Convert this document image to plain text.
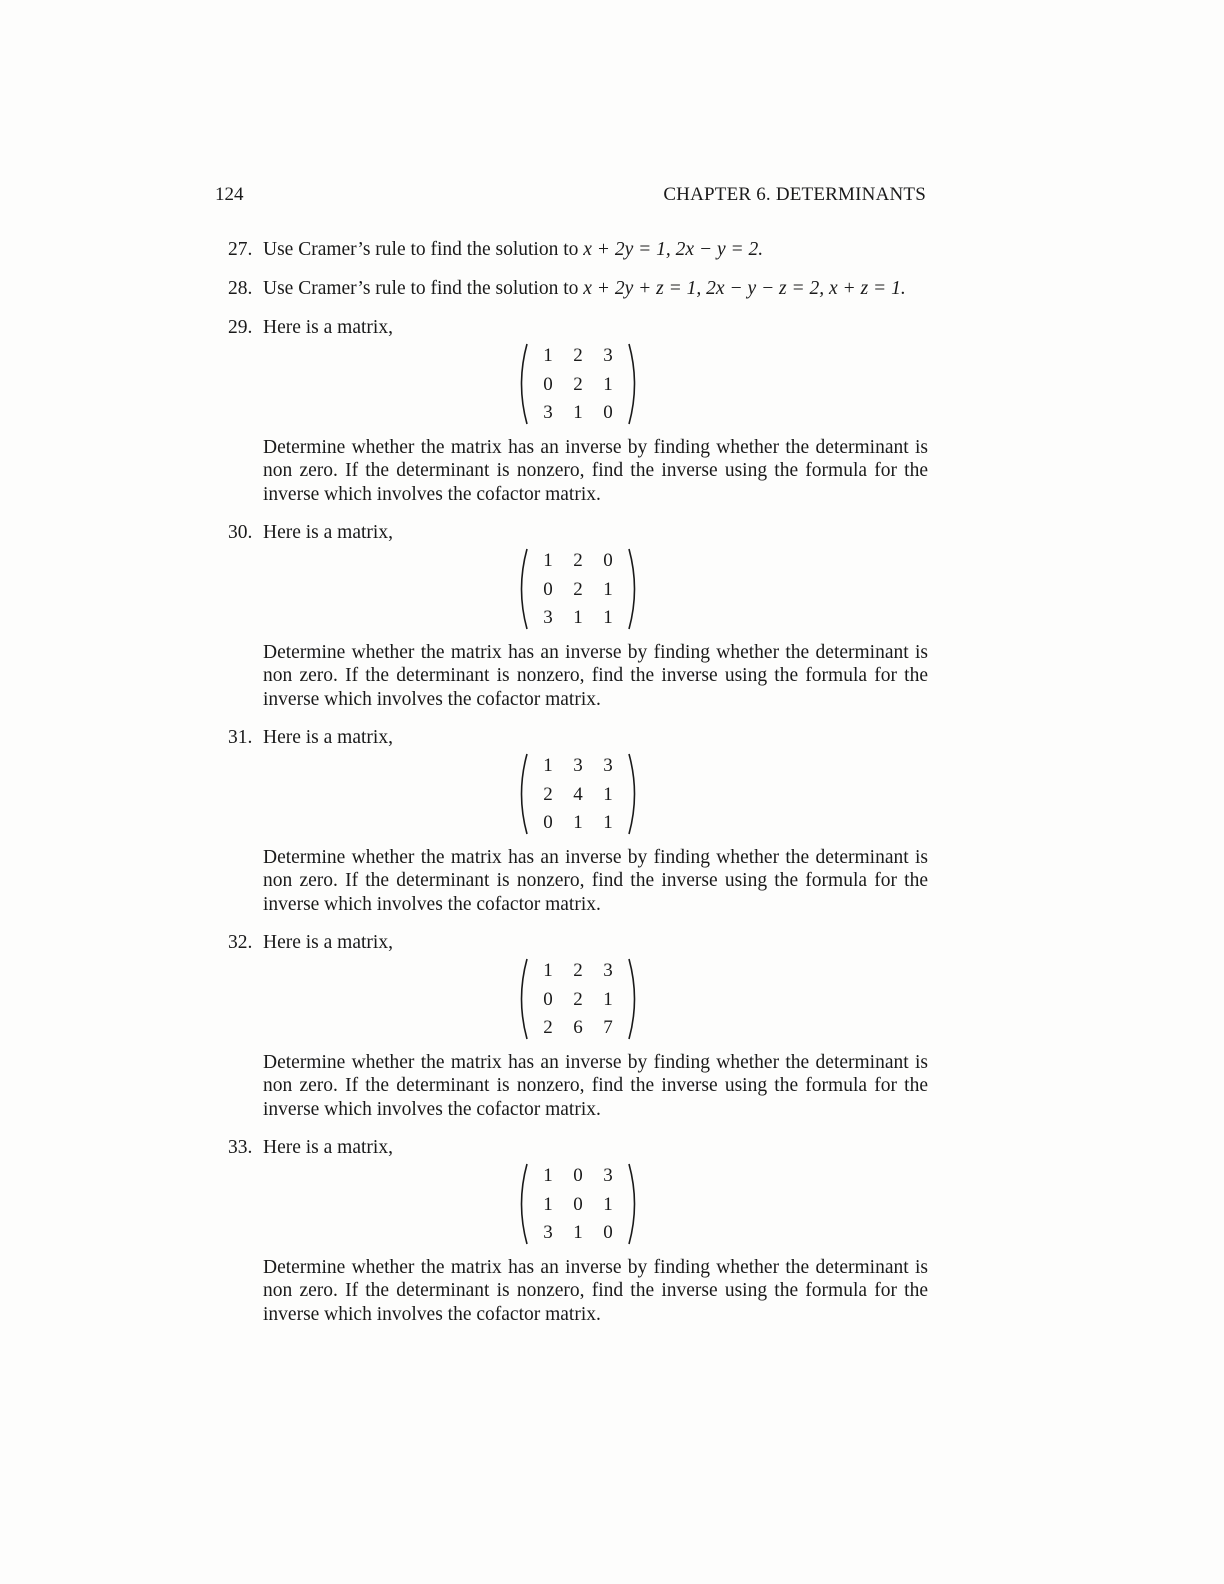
124	CHAPTER 6. DETERMINANTS
27. Use Cramer’s rule to find the solution to x + 2y = 1, 2x − y = 2.
28. Use Cramer’s rule to find the solution to x + 2y + z = 1, 2x − y − z = 2, x + z = 1.
29. Here is a matrix,
1	2	3
0	2	1
3	1	0
Determine whether the matrix has an inverse by finding whether the determinant is non zero. If the determinant is nonzero, find the inverse using the formula for the inverse which involves the cofactor matrix.
30. Here is a matrix,
1	2	0
0	2	1
3	1	1
Determine whether the matrix has an inverse by finding whether the determinant is non zero. If the determinant is nonzero, find the inverse using the formula for the inverse which involves the cofactor matrix.
31. Here is a matrix,
1	3	3
2	4	1
0	1	1
Determine whether the matrix has an inverse by finding whether the determinant is non zero. If the determinant is nonzero, find the inverse using the formula for the inverse which involves the cofactor matrix.
32. Here is a matrix,
1	2	3
0	2	1
2	6	7
Determine whether the matrix has an inverse by finding whether the determinant is non zero. If the determinant is nonzero, find the inverse using the formula for the inverse which involves the cofactor matrix.
33. Here is a matrix,
1	0	3
1	0	1
3	1	0
Determine whether the matrix has an inverse by finding whether the determinant is non zero. If the determinant is nonzero, find the inverse using the formula for the inverse which involves the cofactor matrix.
